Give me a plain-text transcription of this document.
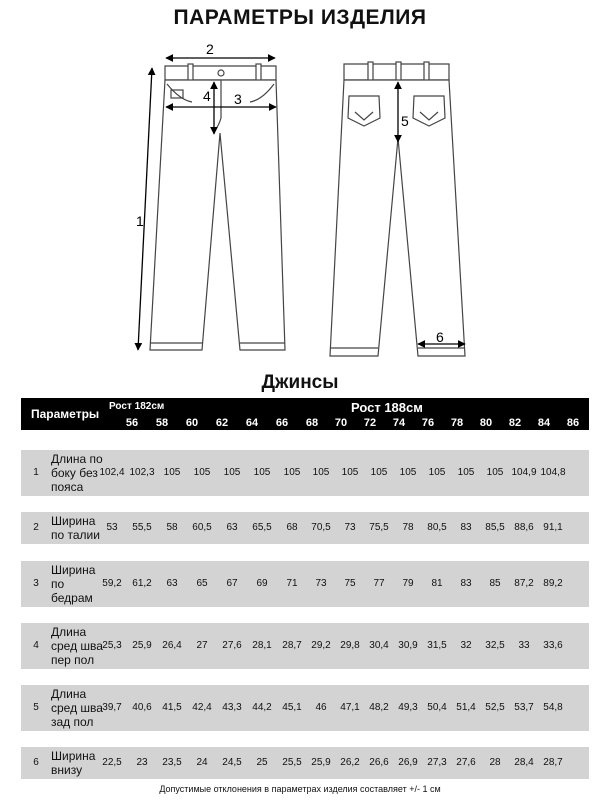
ПАРАМЕТРЫ ИЗДЕЛИЯ
1
2
3
4
5
6
Джинсы
Параметры
Рост 182см	Рост 188см
56	58	60	62	64	66	68	70	72	74	76	78	80	82	84	86
1
Длина по
боку без
пояса
102,4 102,3 105	105	105	105	105	105	105	105	105	105	105	105 104,9 104,8
2	Ширина
по талии
53	55,5	58	60,5	63	65,5	68	70,5	73	75,5	78	80,5	83	85,5 88,6 91,1
3
Ширина
по
бедрам
59,2	61,2	63	65	67	69	71	73	75	77	79	81	83	85	87,2 89,2
4
Длина
сред шва
пер пол
25,3	25,9	26,4	27	27,6	28,1	28,7 29,2 29,8 30,4 30,9 31,5	32	32,5	33	33,6
5
Длина
сред шва
зад пол
39,7	40,6	41,5	42,4	43,3	44,2	45,1	46	47,1 48,2 49,3 50,4 51,4 52,5 53,7 54,8
6	Ширина
внизу
22,5	23	23,5	24	24,5	25	25,5 25,9 26,2 26,6 26,9 27,3 27,6	28	28,4 28,7
Допустимые отклонения в параметрах изделия составляет +/- 1 см
